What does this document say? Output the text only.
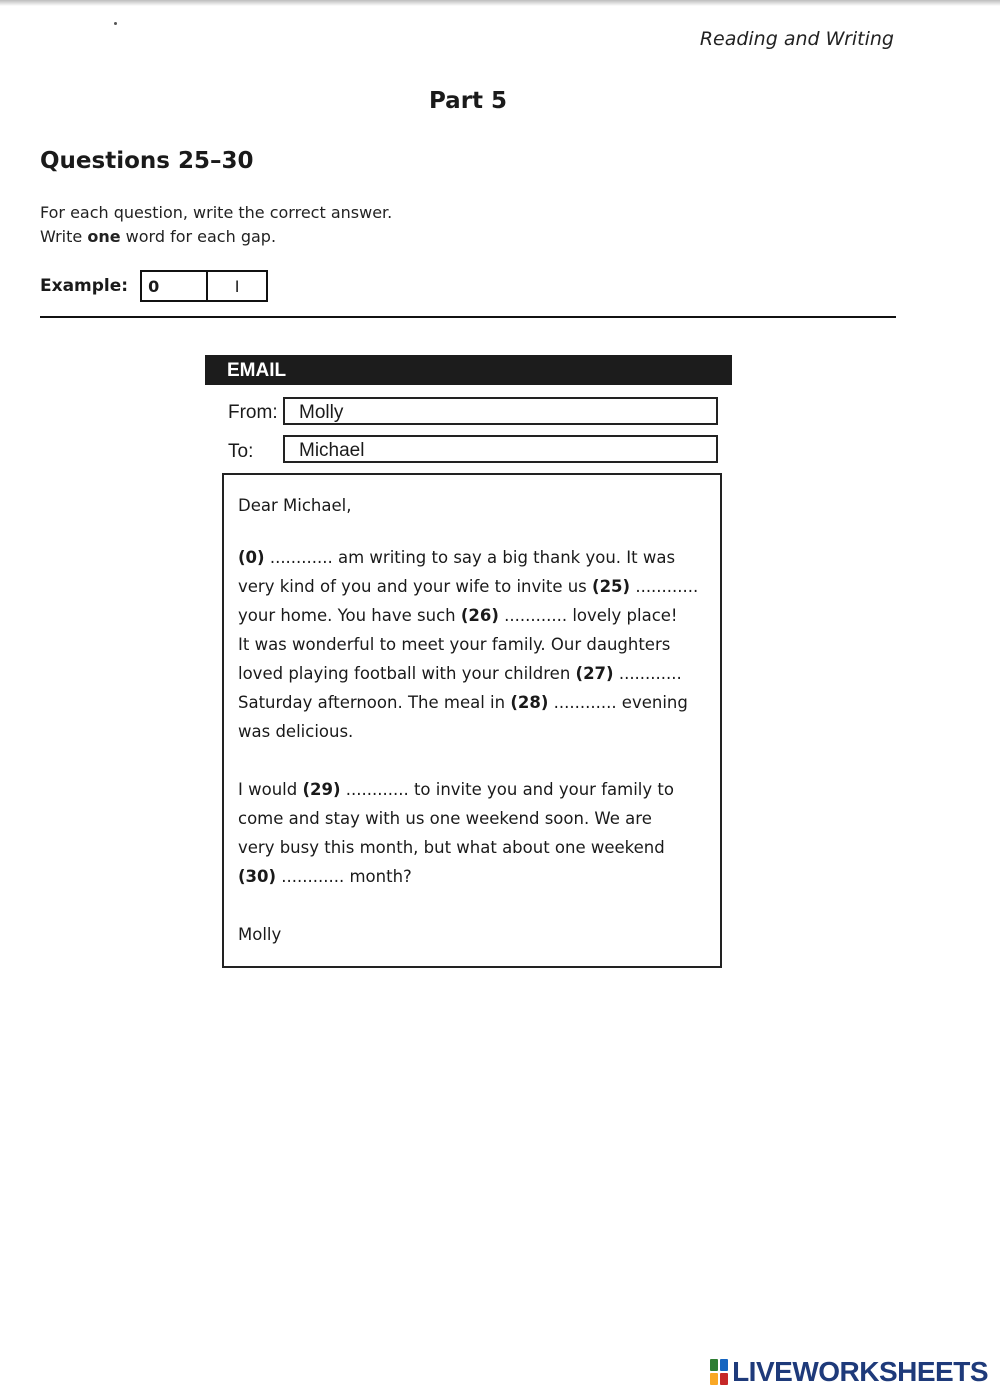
Reading and Writing
Part 5
Questions 25–30
For each question, write the correct answer.
Write one word for each gap.
Example:	0	I
EMAIL
From:	Molly
To:	Michael
Dear Michael,
(0) ............ am writing to say a big thank you. It was
very kind of you and your wife to invite us (25) ............
your home. You have such (26) ............ lovely place!
It was wonderful to meet your family. Our daughters
loved playing football with your children (27) ............
Saturday afternoon. The meal in (28) ............ evening
was delicious.
I would (29) ............ to invite you and your family to
come and stay with us one weekend soon. We are
very busy this month, but what about one weekend
(30) ............ month?
Molly
LIVEWORKSHEETS
